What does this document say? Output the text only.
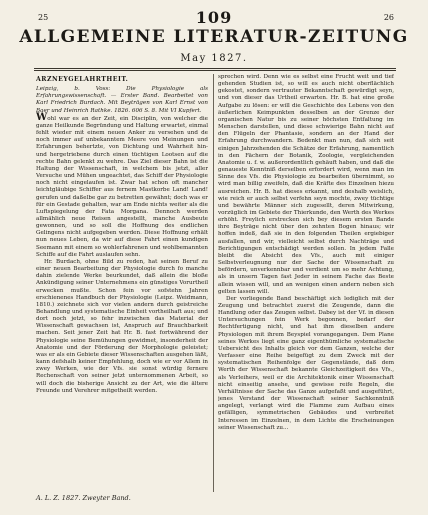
25	109	26
ALLGEMEINE LITERATUR-ZEITUNG
May 1827.
ARZNEYGELAHRTHEIT.

Leipzig, b. Voss: Die Physiologie als Erfahrungswissenschaft. — Erster Band. Bearbeitet von Karl Friedrich Burdach. Mit Beyträgen von Karl Ernst von Baer und Heinrich Rathke. 1826. 606 S. 8. Mit VI Kupfert.

Wohl war es an der Zeit, ein Disciplin, von welcher die ganze Heilkunde Begründung und Haltung erwartet, einmal fehlt wieder mit einem neuen Anker zu versehen und de noch immer auf unbekanntem Meere von Meinungen und Erfahrungen behertzte, von Dichtung und Wahrheit hin- und hergetriebene durch einen tüchtigen Lootsen auf die rechte Bahn gelenkt zu wehre. Das Ziel dieser Bahn ist die Haltung der Wissenschaft, in welchem bis jetzt, aller Versuche und Mühen ungeachtet, das Schiff der Physiologie noch nicht eingelaufen ist. Zwar hat schon oft mancher leichtgläubige Schiffer aus fernem Mastkorbe Land! Land! gerufen und daßelbe gar zu betretten gewähnt; doch was er für ein Gestade gehalten, war am Ende nichts weiter als die Luftspiegelung der Fata Morgana. Dennoch werden allmählich neue Reisen angestellt, manche Ausbeute gewonnen, und so soll die Hoffnung des endlichen Gelingens nicht aufgegeben werden. Diese Hoffnung erhält nun neues Leben, da wir auf diese Fahrt einen kundigen Seemann mit einem so wohlerfahrenen und wohlbemannten Schiffe auf die Fahrt auslaufen sehn.

Hr. Burdach, ohne Bild zu reden, hat seinen Beruf zu einer neuen Bearbeitung der Physiologie durch fo manche dahin zielende Werke beurkundet, daß allein die bloße Ankündigung seiner Unternehmens ein günstiges Vorurtheil erwecken mußte. Schon fein vor sofstehn Jahren erschienenes Handbuch der Physiologie (Leipz. Weidmann, 1810.) zeichnete sich vor vielen andern durch geistreiche Behandlung und systematische Einheit vortheilhaft aus; und dort noch jetzt, so fehr inzwischen das Material der Wissenschaft gewachsen ist, Anspruch auf Brauchbarkeit machen. Seit jener Zeit hat Hr. B. fast fortwährend der Physiologie seine Bemühungen gewidmet, insonderheit der Anatomie und der Förderung der Morphologie geleistet; was er als ein Gebiete dieser Wissenschaften ausgehen läßt, kann defshalb keiner Empfehlung, doch wie er vor Allem in zwey Werken, wie der Vfs. sie sonst würdig fernere Rechenschaft von seiner jetzt unternommenen Arbeit, so will doch die bisherige Ansicht zu der Art, wie die ältere Freunde und Verehrer mitgetheilt werden.

sprechen wird. Denn wie es selbst eine Frucht weit und tief gehenden Studien ist, so will es auch nicht oberflächlich gekostet, sondern vertrauter Bekanntschaft gewürdigt seyn, und von dieser das Urtheil erwarten. Hr. B. hat eine große Aufgabe zu lösen: er will die Geschichte des Lebens von den äußerlichen Keimpunkten desselben an der Grenze der organischen Natur bis zu seiner höchsten Entfaltung im Menschen darstellen, und diese schwierige Bahn nicht auf den Flügeln der Phantasie, sondern an der Hand der Erfahrung durchwandern. Bedenkt man nun, daß sich seit einigen Jahrzehenden die Schätze der Erfahrung, namentlich in den Fächern der Botanik, Zoologie, vergleichenden Anatomie u. f. w. außerordentlich gehäuft haben, und daß die genaueste Kenntniß derselben erfordert wird, wenn man im Sinne des Vfs. die Physiologie zu bearbeiten übernimmt, so wird man billig zweifeln, daß die Kräfte des Einzelnen hiezu ausreichen. Hr. B. hat dieses erkannt, und deshalb weislich, wie reich er auch selbst verfehn seyn mochte, zwey tüchtige und bewährte Männer sich zugesellt, deren Mitwirkung, vorzüglich im Gebiete der Thierkunde, den Werth des Werkes erhöht. Freylich erstrecken sich bey diesem ersten Bande ihre Beyträge nicht über den zehnten Bogen hinaus; wir hoffen indeß, daß sie in den folgenden Theilen ergiebiger ausfallen, und wir, vielleicht selbst durch Nachträge und Berichtigungen entschädigt werden sollen. In jedem Falle bleibt die Absicht des Vfs., auch mit einiger Selbstverleugnung nur der Sache der Wissenschaft zu befördern, unverkennbar und verdient um so mehr Achtung, als in unsern Tagen fast Jeder in seinem Fache das Beste allein wissen will, und an wenigen einen andern neben sich gelten lassen will.

Der vorliegende Band beschäftigt sich lediglich mit der Zeugung und betrachtet zuerst die Zeugende, dann die Handlung oder das Zeugen selbst. Dabey ist der Vf. in diesen Untersuchungen fein Werk begonnen, bedarf der Rechtfertigung nicht, und hat ihm dieselben andere Physiologen mit ihrem Beyspiel vorangegangen. Dem Plane seines Werkes liegt eine ganz eigenthümliche systematische Uebersicht des Inhalts gleich vor dem Ganzen, welche der Verfasser eine Reihe beigefügt zu dem Zweck mit der systematischen Reihenfolge der Gegenstände, daß dem Werth der Wissenschaft bekannte Gleichzeitigkeit des Vfs., als Verleihers, weil er die Architektonik einer Wissenschaft nicht einseitig ansehe, und gewisse reife Regeln, die Verhältnisse der Sache das Ganze aufgefaßt und ausgeführt, jenes Verstand der Wissenschaft seiner Sachkenntniß angelegt, verlangt wird die Flamme zum Aufbau eines gefälligen, symmetrischen Gebäudes und verbreitet Interessen im Einzelnen, in dem Lichte die Erscheinungen seiner Wissenschaft zu...

A. L. Z. 1827. Zweyter Band.
